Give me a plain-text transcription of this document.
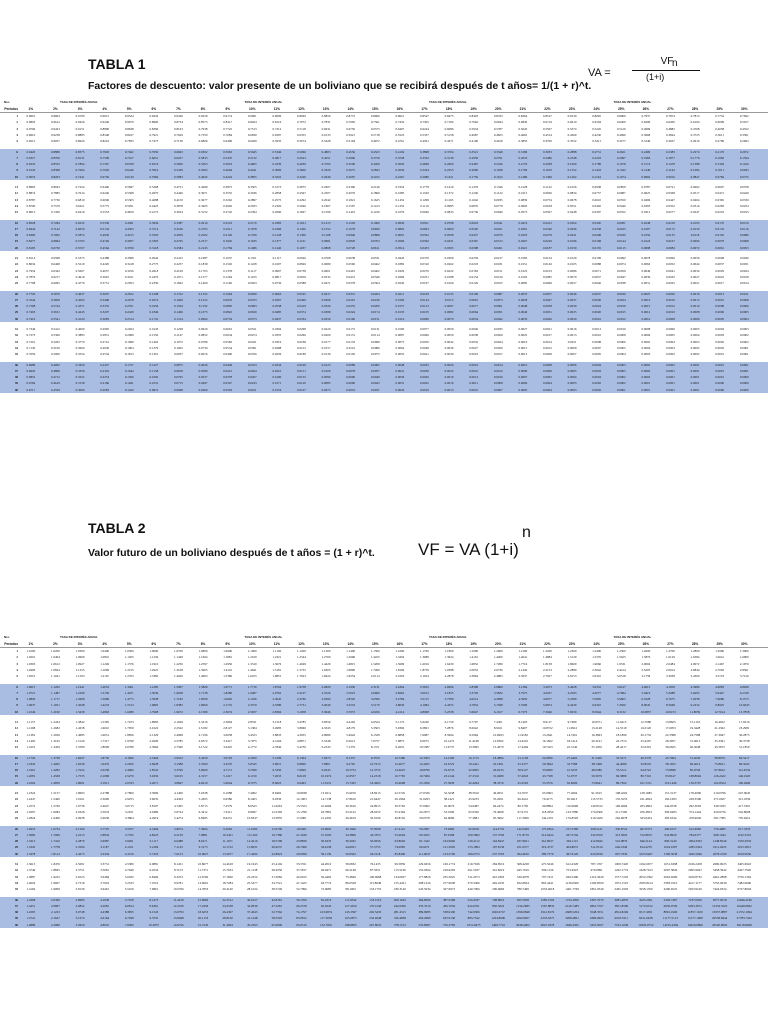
TABLA 1
Factores de descuento: valor presente de un boliviano que se recibirá después de t años= 1/(1 + r)^t.
VA =
VF
(1+i)
n
Nro.	TASA DE INTERÉS ANUAL	TASA DE INTERÉS ANUAL	TASA DE INTERÉS ANUAL	TASA DE INTERÉS ANUAL
Períodos	1%	2%	3%	4%	5%	6%	7%	8%	9%	10%	11%	12%	13%	14%	15%	16%	17%	18%	19%	20%	21%	22%	23%	24%	25%	26%	27%	28%	29%	30%
1	0.9901	0.9804	0.9709	0.9615	0.9524	0.9434	0.9346	0.9259	0.9174	0.9091	0.9009	0.8929	0.8850	0.8772	0.8696	0.8621	0.8547	0.8475	0.8403	0.8333	0.8264	0.8197	0.8130	0.8065	0.8000	0.7937	0.7874	0.7813	0.7752	0.7692
2	0.9803	0.9612	0.9426	0.9246	0.9070	0.8900	0.8734	0.8573	0.8417	0.8264	0.8116	0.7972	0.7831	0.7695	0.7561	0.7432	0.7305	0.7182	0.7062	0.6944	0.6830	0.6719	0.6610	0.6504	0.6400	0.6299	0.6200	0.6104	0.6009	0.5917
3	0.9706	0.9423	0.9151	0.8890	0.8638	0.8396	0.8163	0.7938	0.7722	0.7513	0.7312	0.7118	0.6931	0.6750	0.6575	0.6407	0.6244	0.6086	0.5934	0.5787	0.5645	0.5507	0.5374	0.5245	0.5120	0.4999	0.4882	0.4768	0.4658	0.4552
4	0.9610	0.9238	0.8885	0.8548	0.8227	0.7921	0.7629	0.7350	0.7084	0.6830	0.6587	0.6355	0.6133	0.5921	0.5718	0.5523	0.5337	0.5158	0.4987	0.4823	0.4665	0.4514	0.4369	0.4230	0.4096	0.3968	0.3844	0.3725	0.3611	0.3501
5	0.9515	0.9057	0.8626	0.8219	0.7835	0.7473	0.7130	0.6806	0.6499	0.6209	0.5935	0.5674	0.5428	0.5194	0.4972	0.4761	0.4561	0.4371	0.4190	0.4019	0.3855	0.3700	0.3552	0.3411	0.3277	0.3149	0.3027	0.2910	0.2799	0.2693
6	0.9420	0.8880	0.8375	0.7903	0.7462	0.7050	0.6663	0.6302	0.5963	0.5645	0.5346	0.5066	0.4803	0.4556	0.4323	0.4104	0.3898	0.3704	0.3521	0.3349	0.3186	0.3033	0.2888	0.2751	0.2621	0.2499	0.2383	0.2274	0.2170	0.2072
7	0.9327	0.8706	0.8131	0.7599	0.7107	0.6651	0.6227	0.5835	0.5470	0.5132	0.4817	0.4523	0.4251	0.3996	0.3759	0.3538	0.3332	0.3139	0.2959	0.2791	0.2633	0.2486	0.2348	0.2218	0.2097	0.1983	0.1877	0.1776	0.1682	0.1594
8	0.9235	0.8535	0.7894	0.7307	0.6768	0.6274	0.5820	0.5403	0.5019	0.4665	0.4339	0.4039	0.3762	0.3506	0.3269	0.3050	0.2848	0.2660	0.2487	0.2326	0.2176	0.2038	0.1909	0.1789	0.1678	0.1574	0.1478	0.1388	0.1304	0.1226
9	0.9143	0.8368	0.7664	0.7026	0.6446	0.5919	0.5439	0.5002	0.4604	0.4241	0.3909	0.3606	0.3329	0.3075	0.2843	0.2630	0.2434	0.2255	0.2090	0.1938	0.1799	0.1670	0.1552	0.1443	0.1342	0.1249	0.1164	0.1084	0.1011	0.0943
10	0.9053	0.8203	0.7441	0.6756	0.6139	0.5584	0.5083	0.4632	0.4224	0.3855	0.3522	0.3220	0.2946	0.2697	0.2472	0.2267	0.2080	0.1911	0.1756	0.1615	0.1486	0.1369	0.1262	0.1164	0.1074	0.0992	0.0916	0.0847	0.0784	0.0725
11	0.8963	0.8043	0.7224	0.6496	0.5847	0.5268	0.4751	0.4289	0.3875	0.3505	0.3173	0.2875	0.2607	0.2366	0.2149	0.1954	0.1778	0.1619	0.1476	0.1346	0.1228	0.1122	0.1026	0.0938	0.0859	0.0787	0.0721	0.0662	0.0607	0.0558
12	0.8874	0.7885	0.7014	0.6246	0.5568	0.4970	0.4440	0.3971	0.3555	0.3186	0.2858	0.2567	0.2307	0.2076	0.1869	0.1685	0.1520	0.1372	0.1240	0.1122	0.1015	0.0920	0.0834	0.0757	0.0687	0.0625	0.0568	0.0517	0.0471	0.0429
13	0.8787	0.7730	0.6810	0.6006	0.5303	0.4688	0.4150	0.3677	0.3262	0.2897	0.2575	0.2292	0.2042	0.1821	0.1625	0.1452	0.1299	0.1163	0.1042	0.0935	0.0839	0.0754	0.0678	0.0610	0.0550	0.0496	0.0447	0.0404	0.0365	0.0330
14	0.8700	0.7579	0.6611	0.5775	0.5051	0.4423	0.3878	0.3405	0.2992	0.2633	0.2320	0.2046	0.1807	0.1597	0.1413	0.1252	0.1110	0.0985	0.0876	0.0779	0.0693	0.0618	0.0551	0.0492	0.0440	0.0393	0.0352	0.0316	0.0283	0.0254
15	0.8613	0.7430	0.6419	0.5553	0.4810	0.4173	0.3624	0.3152	0.2745	0.2394	0.2090	0.1827	0.1599	0.1401	0.1229	0.1079	0.0949	0.0835	0.0736	0.0649	0.0573	0.0507	0.0448	0.0397	0.0352	0.0312	0.0277	0.0247	0.0219	0.0195
16	0.8528	0.7284	0.6232	0.5339	0.4581	0.3936	0.3387	0.2919	0.2519	0.2176	0.1883	0.1631	0.1415	0.1229	0.1069	0.0930	0.0811	0.0708	0.0618	0.0541	0.0474	0.0415	0.0364	0.0320	0.0281	0.0248	0.0218	0.0193	0.0170	0.0150
17	0.8444	0.7142	0.6050	0.5134	0.4363	0.3714	0.3166	0.2703	0.2311	0.1978	0.1696	0.1456	0.1252	0.1078	0.0929	0.0802	0.0693	0.0600	0.0520	0.0451	0.0391	0.0340	0.0296	0.0258	0.0225	0.0197	0.0172	0.0150	0.0132	0.0116
18	0.8360	0.7002	0.5874	0.4936	0.4155	0.3503	0.2959	0.2502	0.2120	0.1799	0.1528	0.1300	0.1108	0.0946	0.0808	0.0691	0.0592	0.0508	0.0437	0.0376	0.0323	0.0279	0.0241	0.0208	0.0180	0.0156	0.0135	0.0118	0.0102	0.0089
19	0.8277	0.6864	0.5703	0.4746	0.3957	0.3305	0.2765	0.2317	0.1945	0.1635	0.1377	0.1161	0.0981	0.0829	0.0703	0.0596	0.0506	0.0431	0.0367	0.0313	0.0267	0.0229	0.0196	0.0168	0.0144	0.0124	0.0107	0.0092	0.0079	0.0068
20	0.8195	0.6730	0.5537	0.4564	0.3769	0.3118	0.2584	0.2145	0.1784	0.1486	0.1240	0.1037	0.0868	0.0728	0.0611	0.0514	0.0433	0.0365	0.0308	0.0261	0.0221	0.0187	0.0159	0.0135	0.0115	0.0098	0.0084	0.0072	0.0061	0.0053
21	0.8114	0.6598	0.5375	0.4388	0.3589	0.2942	0.2415	0.1987	0.1637	0.1351	0.1117	0.0926	0.0768	0.0638	0.0531	0.0443	0.0370	0.0309	0.0259	0.0217	0.0183	0.0154	0.0129	0.0109	0.0092	0.0078	0.0066	0.0056	0.0048	0.0040
22	0.8034	0.6468	0.5219	0.4220	0.3418	0.2775	0.2257	0.1839	0.1502	0.1228	0.1007	0.0826	0.0680	0.0560	0.0462	0.0382	0.0316	0.0262	0.0218	0.0181	0.0151	0.0126	0.0105	0.0088	0.0074	0.0062	0.0052	0.0044	0.0037	0.0031
23	0.7954	0.6342	0.5067	0.4057	0.3256	0.2618	0.2109	0.1703	0.1378	0.1117	0.0907	0.0738	0.0601	0.0491	0.0402	0.0329	0.0270	0.0222	0.0183	0.0151	0.0125	0.0103	0.0086	0.0071	0.0059	0.0049	0.0041	0.0034	0.0029	0.0024
24	0.7876	0.6217	0.4919	0.3901	0.3101	0.2470	0.1971	0.1577	0.1264	0.1015	0.0817	0.0659	0.0532	0.0431	0.0349	0.0284	0.0231	0.0188	0.0154	0.0126	0.0103	0.0085	0.0070	0.0057	0.0047	0.0039	0.0032	0.0027	0.0022	0.0018
25	0.7798	0.6095	0.4776	0.3751	0.2953	0.2330	0.1842	0.1460	0.1160	0.0923	0.0736	0.0588	0.0471	0.0378	0.0304	0.0245	0.0197	0.0160	0.0129	0.0105	0.0085	0.0069	0.0057	0.0046	0.0038	0.0031	0.0025	0.0021	0.0017	0.0014
26	0.7720	0.5976	0.4637	0.3607	0.2812	0.2198	0.1722	0.1352	0.1064	0.0839	0.0663	0.0525	0.0417	0.0331	0.0264	0.0211	0.0169	0.0135	0.0109	0.0087	0.0070	0.0057	0.0046	0.0037	0.0030	0.0025	0.0020	0.0016	0.0013	0.0011
27	0.7644	0.5859	0.4502	0.3468	0.2678	0.2074	0.1609	0.1252	0.0976	0.0763	0.0597	0.0469	0.0369	0.0291	0.0230	0.0182	0.0144	0.0115	0.0091	0.0073	0.0058	0.0047	0.0037	0.0030	0.0024	0.0019	0.0016	0.0013	0.0010	0.0008
28	0.7568	0.5744	0.4371	0.3335	0.2551	0.1956	0.1504	0.1159	0.0895	0.0693	0.0538	0.0419	0.0326	0.0255	0.0200	0.0157	0.0123	0.0097	0.0077	0.0061	0.0048	0.0038	0.0030	0.0024	0.0019	0.0015	0.0012	0.0010	0.0008	0.0006
29	0.7493	0.5631	0.4243	0.3207	0.2429	0.1846	0.1406	0.1073	0.0822	0.0630	0.0485	0.0374	0.0289	0.0224	0.0174	0.0135	0.0105	0.0082	0.0064	0.0051	0.0040	0.0031	0.0025	0.0020	0.0015	0.0012	0.0010	0.0008	0.0006	0.0005
30	0.7419	0.5521	0.4120	0.3083	0.2314	0.1741	0.1314	0.0994	0.0754	0.0573	0.0437	0.0334	0.0256	0.0196	0.0151	0.0116	0.0090	0.0070	0.0054	0.0042	0.0033	0.0026	0.0020	0.0016	0.0012	0.0010	0.0008	0.0006	0.0005	0.0004
31	0.7346	0.5412	0.4000	0.2965	0.2204	0.1643	0.1228	0.0920	0.0691	0.0521	0.0394	0.0298	0.0226	0.0172	0.0131	0.0100	0.0077	0.0059	0.0046	0.0035	0.0027	0.0021	0.0016	0.0013	0.0010	0.0008	0.0006	0.0005	0.0004	0.0003
32	0.7273	0.5306	0.3883	0.2851	0.2099	0.1550	0.1147	0.0852	0.0634	0.0474	0.0355	0.0266	0.0200	0.0151	0.0114	0.0087	0.0066	0.0050	0.0038	0.0029	0.0022	0.0017	0.0013	0.0010	0.0008	0.0006	0.0005	0.0004	0.0003	0.0002
33	0.7201	0.5202	0.3770	0.2741	0.1999	0.1462	0.1072	0.0789	0.0582	0.0431	0.0319	0.0238	0.0177	0.0133	0.0099	0.0075	0.0056	0.0042	0.0032	0.0024	0.0019	0.0014	0.0011	0.0008	0.0006	0.0005	0.0004	0.0003	0.0002	0.0002
34	0.7130	0.5100	0.3660	0.2636	0.1904	0.1379	0.1002	0.0730	0.0534	0.0391	0.0288	0.0212	0.0157	0.0116	0.0086	0.0064	0.0048	0.0036	0.0027	0.0020	0.0015	0.0012	0.0009	0.0007	0.0005	0.0004	0.0003	0.0002	0.0002	0.0001
35	0.7059	0.5000	0.3554	0.2534	0.1813	0.1301	0.0937	0.0676	0.0490	0.0356	0.0259	0.0189	0.0139	0.0102	0.0075	0.0055	0.0041	0.0030	0.0023	0.0017	0.0013	0.0009	0.0007	0.0005	0.0004	0.0003	0.0002	0.0002	0.0001	0.0001
36	0.6989	0.4902	0.3450	0.2437	0.1727	0.1227	0.0875	0.0626	0.0449	0.0323	0.0234	0.0169	0.0123	0.0089	0.0065	0.0048	0.0035	0.0026	0.0019	0.0014	0.0010	0.0008	0.0006	0.0004	0.0003	0.0002	0.0002	0.0001	0.0001	0.0001
37	0.6920	0.4806	0.3350	0.2343	0.1644	0.1158	0.0818	0.0580	0.0412	0.0294	0.0210	0.0151	0.0109	0.0078	0.0057	0.0041	0.0030	0.0022	0.0016	0.0012	0.0009	0.0006	0.0005	0.0003	0.0003	0.0002	0.0001	0.0001	0.0001	0.0001
38	0.6852	0.4712	0.3252	0.2253	0.1566	0.1092	0.0765	0.0537	0.0378	0.0267	0.0190	0.0135	0.0096	0.0069	0.0049	0.0036	0.0026	0.0019	0.0013	0.0010	0.0007	0.0005	0.0004	0.0003	0.0002	0.0002	0.0001	0.0001	0.0001	0.0000
39	0.6784	0.4619	0.3158	0.2166	0.1491	0.1031	0.0715	0.0497	0.0347	0.0243	0.0171	0.0120	0.0085	0.0060	0.0043	0.0031	0.0022	0.0016	0.0011	0.0008	0.0006	0.0004	0.0003	0.0002	0.0002	0.0001	0.0001	0.0001	0.0000	0.0000
40	0.6717	0.4529	0.3066	0.2083	0.1420	0.0972	0.0668	0.0460	0.0318	0.0221	0.0154	0.0107	0.0075	0.0053	0.0037	0.0026	0.0019	0.0013	0.0010	0.0007	0.0005	0.0004	0.0003	0.0002	0.0001	0.0001	0.0001	0.0001	0.0000	0.0000
TABLA 2
Valor futuro de un boliviano después de t años = (1 + r)^t.	VF = VA (1+i)
n
Nro.	TASA DE INTERÉS ANUAL	TASA DE INTERÉS ANUAL	TASA DE INTERÉS ANUAL	TASA DE INTERÉS ANUAL
Períodos	1%	2%	3%	4%	5%	6%	7%	8%	9%	10%	11%	12%	13%	14%	15%	16%	17%	18%	19%	20%	21%	22%	23%	24%	25%	26%	27%	28%	29%	30%
1	1.0100	1.0200	1.0300	1.0400	1.0500	1.0600	1.0700	1.0800	1.0900	1.1000	1.1100	1.1200	1.1300	1.1400	1.1500	1.1600	1.1700	1.1800	1.1900	1.2000	1.2100	1.2200	1.2300	1.2400	1.2500	1.2600	1.2700	1.2800	1.2900	1.3000
2	1.0201	1.0404	1.0609	1.0816	1.1025	1.1236	1.1449	1.1664	1.1881	1.2100	1.2321	1.2544	1.2769	1.2996	1.3225	1.3456	1.3689	1.3924	1.4161	1.4400	1.4641	1.4884	1.5129	1.5376	1.5625	1.5876	1.6129	1.6384	1.6641	1.6900
3	1.0303	1.0612	1.0927	1.1249	1.1576	1.1910	1.2250	1.2597	1.2950	1.3310	1.3676	1.4049	1.4429	1.4815	1.5209	1.5609	1.6016	1.6430	1.6852	1.7280	1.7716	1.8158	1.8609	1.9066	1.9531	2.0004	2.0484	2.0972	2.1467	2.1970
4	1.0406	1.0824	1.1255	1.1699	1.2155	1.2625	1.3108	1.3605	1.4116	1.4641	1.5181	1.5735	1.6305	1.6890	1.7490	1.8106	1.8739	1.9388	2.0053	2.0736	2.1436	2.2153	2.2889	2.3642	2.4414	2.5205	2.6014	2.6844	2.7692	2.8561
5	1.0510	1.1041	1.1593	1.2167	1.2763	1.3382	1.4026	1.4693	1.5386	1.6105	1.6851	1.7623	1.8424	1.9254	2.0114	2.1003	2.1924	2.2878	2.3864	2.4883	2.5937	2.7027	2.8153	2.9316	3.0518	3.1758	3.3038	3.4360	3.5723	3.7129
6	1.0615	1.1262	1.1941	1.2653	1.3401	1.4185	1.5007	1.5869	1.6771	1.7716	1.8704	1.9738	2.0820	2.1950	2.3131	2.4364	2.5652	2.6996	2.8398	2.9860	3.1384	3.2973	3.4628	3.6352	3.8147	4.0015	4.1959	4.3980	4.6083	4.8268
7	1.0721	1.1487	1.2299	1.3159	1.4071	1.5036	1.6058	1.7138	1.8280	1.9487	2.0762	2.2107	2.3526	2.5023	2.6600	2.8262	3.0012	3.1855	3.3793	3.5832	3.7975	4.0227	4.2593	4.5077	4.7684	5.0419	5.3288	5.6295	5.9447	6.2749
8	1.0829	1.1717	1.2668	1.3686	1.4775	1.5938	1.7182	1.8509	1.9926	2.1436	2.3045	2.4760	2.6584	2.8526	3.0590	3.2784	3.5115	3.7589	4.0214	4.2998	4.5950	4.9077	5.2389	5.5895	5.9605	6.3528	6.7675	7.2058	7.6686	8.1573
9	1.0937	1.1951	1.3048	1.4233	1.5513	1.6895	1.8385	1.9990	2.1719	2.3579	2.5580	2.7731	3.0040	3.2519	3.5179	3.8030	4.1084	4.4355	4.7854	5.1598	5.5599	5.9874	6.4439	6.9310	7.4506	8.0045	8.5948	9.2234	9.8925	10.6045
10	1.1046	1.2190	1.3439	1.4802	1.6289	1.7908	1.9672	2.1589	2.3674	2.5937	2.8394	3.1058	3.3946	3.7072	4.0456	4.4114	4.8068	5.2338	5.6947	6.1917	6.7275	7.3046	7.9259	8.5944	9.3132	10.0857	10.9153	11.8059	12.7614	13.7858
11	1.1157	1.2434	1.3842	1.5395	1.7103	1.8983	2.1049	2.3316	2.5804	2.8531	3.1518	3.4785	3.8359	4.2262	4.6524	5.1173	5.6240	6.1759	6.7767	7.4301	8.1403	8.9117	9.7489	10.6571	11.6415	12.7080	13.8625	15.1116	16.4622	17.9216
12	1.1268	1.2682	1.4258	1.6010	1.7959	2.0122	2.2522	2.5182	2.8127	3.1384	3.4985	3.8960	4.3345	4.8179	5.3503	5.9360	6.5801	7.2876	8.0642	8.9161	9.8497	10.8722	11.9912	13.2148	14.5519	16.0120	17.6053	19.3428	21.2362	23.2981
13	1.1381	1.2936	1.4685	1.6651	1.8856	2.1329	2.4098	2.7196	3.0658	3.4523	3.8833	4.3635	4.8980	5.4924	6.1528	6.8858	7.6987	8.5994	9.5964	10.6993	11.9182	13.2641	14.7491	16.3863	18.1899	20.1752	22.3588	24.7588	27.3947	30.2875
14	1.1495	1.3195	1.5126	1.7317	1.9799	2.2609	2.5785	2.9372	3.3417	3.7975	4.3104	4.8871	5.5348	6.2613	7.0757	7.9875	9.0075	10.1472	11.4198	12.8392	14.4210	16.1822	18.1414	20.3191	22.7374	25.4207	28.3957	31.6913	35.3391	39.3738
15	1.1610	1.3459	1.5580	1.8009	2.0789	2.3966	2.7590	3.1722	3.6425	4.1772	4.7846	5.4736	6.2543	7.1379	8.1371	9.2655	10.5387	11.9737	13.5895	15.4070	17.4494	19.7423	22.3140	25.1956	28.4217	32.0301	36.0625	40.5648	45.5875	51.1859
16	1.1726	1.3728	1.6047	1.8730	2.1829	2.5404	2.9522	3.4259	3.9703	4.5950	5.3109	6.1304	7.0673	8.1372	9.3576	10.7480	12.3303	14.1290	16.1715	18.4884	21.1138	24.0856	27.4462	31.2426	35.5271	40.3579	45.7994	51.9230	58.8079	66.5417
17	1.1843	1.4002	1.6528	1.9479	2.2920	2.6928	3.1588	3.7000	4.3276	5.0545	5.8951	6.8660	7.9861	9.2765	10.7613	12.4677	14.4265	16.6722	19.2441	22.1861	25.5477	29.3844	33.7588	38.7408	44.4089	50.8510	58.1652	66.4614	75.8621	86.5042
18	1.1961	1.4282	1.7024	2.0258	2.4066	2.8543	3.3799	3.9960	4.7171	5.5599	6.5436	7.6900	9.0243	10.5752	12.3755	14.4625	16.8790	19.6733	22.9005	26.6233	30.9127	35.8490	41.5233	48.0386	55.5112	64.0722	73.8698	85.0706	97.8622	112.4554
19	1.2081	1.4568	1.7535	2.1068	2.5270	3.0256	3.6165	4.3157	5.1417	6.1159	7.2633	8.6128	10.1974	12.0557	14.2318	16.7765	19.7484	23.2144	27.2516	31.9480	37.4043	43.7358	51.0737	59.5679	69.3889	80.7310	93.8147	108.8904	126.2422	146.1920
20	1.2202	1.4859	1.8061	2.1911	2.6533	3.2071	3.8697	4.6610	5.6044	6.7275	8.0623	9.6463	11.5231	13.7435	16.3665	19.4608	23.1056	27.3930	32.4294	38.3376	45.2593	53.3576	62.8206	73.8641	86.7362	101.7211	119.1446	139.3797	162.8524	190.0496
21	1.2324	1.5157	1.8603	2.2788	2.7860	3.3996	4.1406	5.0338	6.1088	7.4002	8.9492	10.8038	13.0211	15.6676	18.8215	22.5745	27.0336	32.3238	38.5910	46.0051	54.7637	65.0963	77.2694	91.5915	108.4202	128.1685	151.3137	178.4060	210.0796	247.0645
22	1.2447	1.5460	1.9161	2.3699	2.9253	3.6035	4.4304	5.4365	6.6586	8.1403	9.9336	12.1003	14.7138	17.8610	21.6447	26.1864	31.6293	38.1421	45.9233	55.2061	66.2641	79.4175	95.0413	113.5735	135.5253	161.4924	192.1683	228.3596	271.0027	321.1839
23	1.2572	1.5769	1.9736	2.4647	3.0715	3.8197	4.7405	5.8715	7.2579	8.9543	11.0263	13.5523	16.6266	20.3616	24.8915	30.3762	37.0062	45.0076	54.6487	66.2474	80.1795	96.8894	116.9008	140.8312	169.4066	203.4804	244.0538	292.3003	349.5935	417.5391
24	1.2697	1.6084	2.0328	2.5633	3.2251	4.0489	5.0724	6.3412	7.9111	9.8497	12.2392	15.1786	18.7881	23.2122	28.6252	35.2364	43.2973	53.1090	65.0320	79.4968	97.0172	118.2050	143.7880	174.6306	211.7582	256.3853	309.9483	374.1444	450.9756	542.8008
25	1.2824	1.6406	2.0938	2.6658	3.3864	4.2919	5.4274	6.8485	8.6231	10.8347	13.5855	17.0001	21.2305	26.4619	32.9190	40.8742	50.6578	62.6686	77.3881	95.3962	117.3909	144.2101	176.8593	216.5420	264.6978	323.0454	393.6344	478.9049	581.7585	705.6410
26	1.2953	1.6734	2.1566	2.7725	3.5557	4.5494	5.8074	7.3964	9.3992	11.9182	15.0799	19.0401	23.9905	30.1666	37.8568	47.4141	59.2697	73.9490	92.0918	114.4755	142.0429	175.9364	217.5369	268.5121	330.8722	407.0373	499.9157	612.9982	750.4685	917.3333
27	1.3082	1.7069	2.2213	2.8834	3.7335	4.8223	6.2139	7.9881	10.2451	13.1100	16.7386	21.3249	27.1093	34.3899	43.5353	55.0004	69.3455	87.2598	109.5893	137.3706	171.8719	214.6424	267.5704	332.9550	413.5903	512.8670	634.8929	784.6377	968.1044	1192.5333
28	1.3213	1.7410	2.2879	2.9987	3.9201	5.1117	6.6488	8.6271	11.1671	14.4210	18.5799	23.8839	30.6335	39.2045	50.0656	63.8004	81.1342	102.9666	130.4112	164.8447	207.9651	261.8637	329.1115	412.8642	516.9879	646.2124	806.3140	1004.3363	1248.8546	1550.2933
29	1.3345	1.7758	2.3566	3.1187	4.1161	5.4184	7.1143	9.3173	12.1722	15.8631	20.6237	26.7499	34.6158	44.6931	57.5755	74.0085	94.9271	121.5005	155.1893	197.8136	251.6377	319.4737	404.8072	511.9516	646.2349	814.2276	1024.0187	1285.5504	1611.0225	2015.3813
30	1.3478	1.8114	2.4273	3.2434	4.3219	5.7435	7.6123	10.0627	13.2677	17.4494	22.8923	29.9599	39.1159	50.9502	66.2118	85.8499	111.0647	143.3706	184.6753	237.3763	304.4816	389.7579	497.9129	634.8199	807.7936	1025.9267	1300.5038	1645.5046	2078.2190	2619.9956
31	1.3613	1.8476	2.5001	3.3731	4.5380	6.0881	8.1451	10.8677	14.4618	19.1943	25.4104	33.5551	44.2010	58.0832	76.1435	99.5859	129.9456	169.1774	219.7636	284.8516	368.4228	475.5046	612.4328	787.1767	1009.7420	1292.6677	1651.6398	2106.2458	2680.9025	3405.9943
32	1.3749	1.8845	2.5751	3.5081	4.7649	6.4534	8.7153	11.7371	15.7633	21.1138	28.2056	37.5817	49.9471	66.2148	87.5651	115.5196	152.0364	199.6293	261.5187	341.8219	445.7916	580.1156	753.2923	976.0991	1262.1774	1628.7613	2097.5826	2695.9947	3458.3642	4427.7926
33	1.3887	1.9222	2.6523	3.6484	5.0032	6.8406	9.3253	12.6760	17.1820	23.2252	31.3082	42.0915	56.4402	75.4849	100.6998	134.0027	177.8826	235.5625	311.2073	410.1863	539.4078	707.7411	926.5496	1210.3629	1577.7218	2052.2392	2663.9299	3450.8732	4461.2898	5756.1304
34	1.4026	1.9607	2.7319	3.7943	5.2533	7.2510	9.9781	13.6901	18.7284	25.5477	34.7521	47.1425	63.7774	86.0528	115.8048	155.4431	208.1226	277.9638	370.3366	492.2235	652.6834	863.4441	1139.6560	1500.8500	1972.1523	2585.8214	3383.1910	4417.1177	5755.0639	7482.9696
35	1.4166	1.9999	2.8139	3.9461	5.5160	7.6861	10.6766	14.7853	20.4140	28.1024	38.5749	52.7996	72.0685	98.1002	133.1755	180.3140	243.5034	327.9973	440.7006	590.6682	789.7469	1053.4018	1401.7769	1861.0540	2465.1903	3258.1350	4296.6525	5653.9106	7424.0324	9727.8604
36	1.4308	2.0399	2.8983	4.1039	5.7918	8.1473	11.4239	15.9682	22.2512	30.9127	42.8181	59.1356	81.4374	111.8342	153.1519	209.1643	284.8990	387.0368	524.4337	708.8019	955.5938	1285.1502	1724.1856	2307.7070	3081.4879	4105.2501	5456.7487	7237.0056	9577.0018	12646.2186
37	1.4451	2.0807	2.9852	4.2681	6.0814	8.6361	12.2236	17.2456	24.2538	34.0039	47.5281	66.2318	92.0243	127.4910	176.1246	242.6306	333.3319	456.7034	624.0761	850.5622	1156.2685	1567.8833	2120.7483	2861.5767	3851.8599	5172.6152	6930.0709	9263.3672	12354.3323	16440.0842
38	1.4595	2.1223	3.0748	4.4388	6.3855	9.1543	13.0793	18.6253	26.4367	37.4043	52.7562	74.1797	103.9874	145.3397	202.5433	281.4515	389.9983	538.9100	742.6506	1020.6747	1399.0849	1912.8176	2608.5204	3548.3551	4814.8249	6517.4951	8801.1900	11857.1100	15937.0887	21372.1094
39	1.4741	2.1647	3.1670	4.6164	6.7048	9.7035	13.9948	20.1153	28.8160	41.1448	58.5593	83.0812	117.5058	165.6873	232.9248	326.4838	456.2980	635.9138	883.7542	1224.8096	1692.8927	2333.6375	3208.4801	4399.9603	6018.5311	8211.0438	11177.5113	15177.1008	20558.8444	27783.7422
40	1.4889	2.2080	3.2620	4.8010	7.0400	10.2857	14.9745	21.7245	31.4094	45.2593	65.0009	93.0510	132.7816	188.8835	267.8635	378.7212	533.8687	750.3783	1051.6675	1469.7716	2048.4002	2847.0378	3946.4305	5455.9507	7523.1638	10345.9752	14195.4394	19426.6890	26520.9093	36118.8648
